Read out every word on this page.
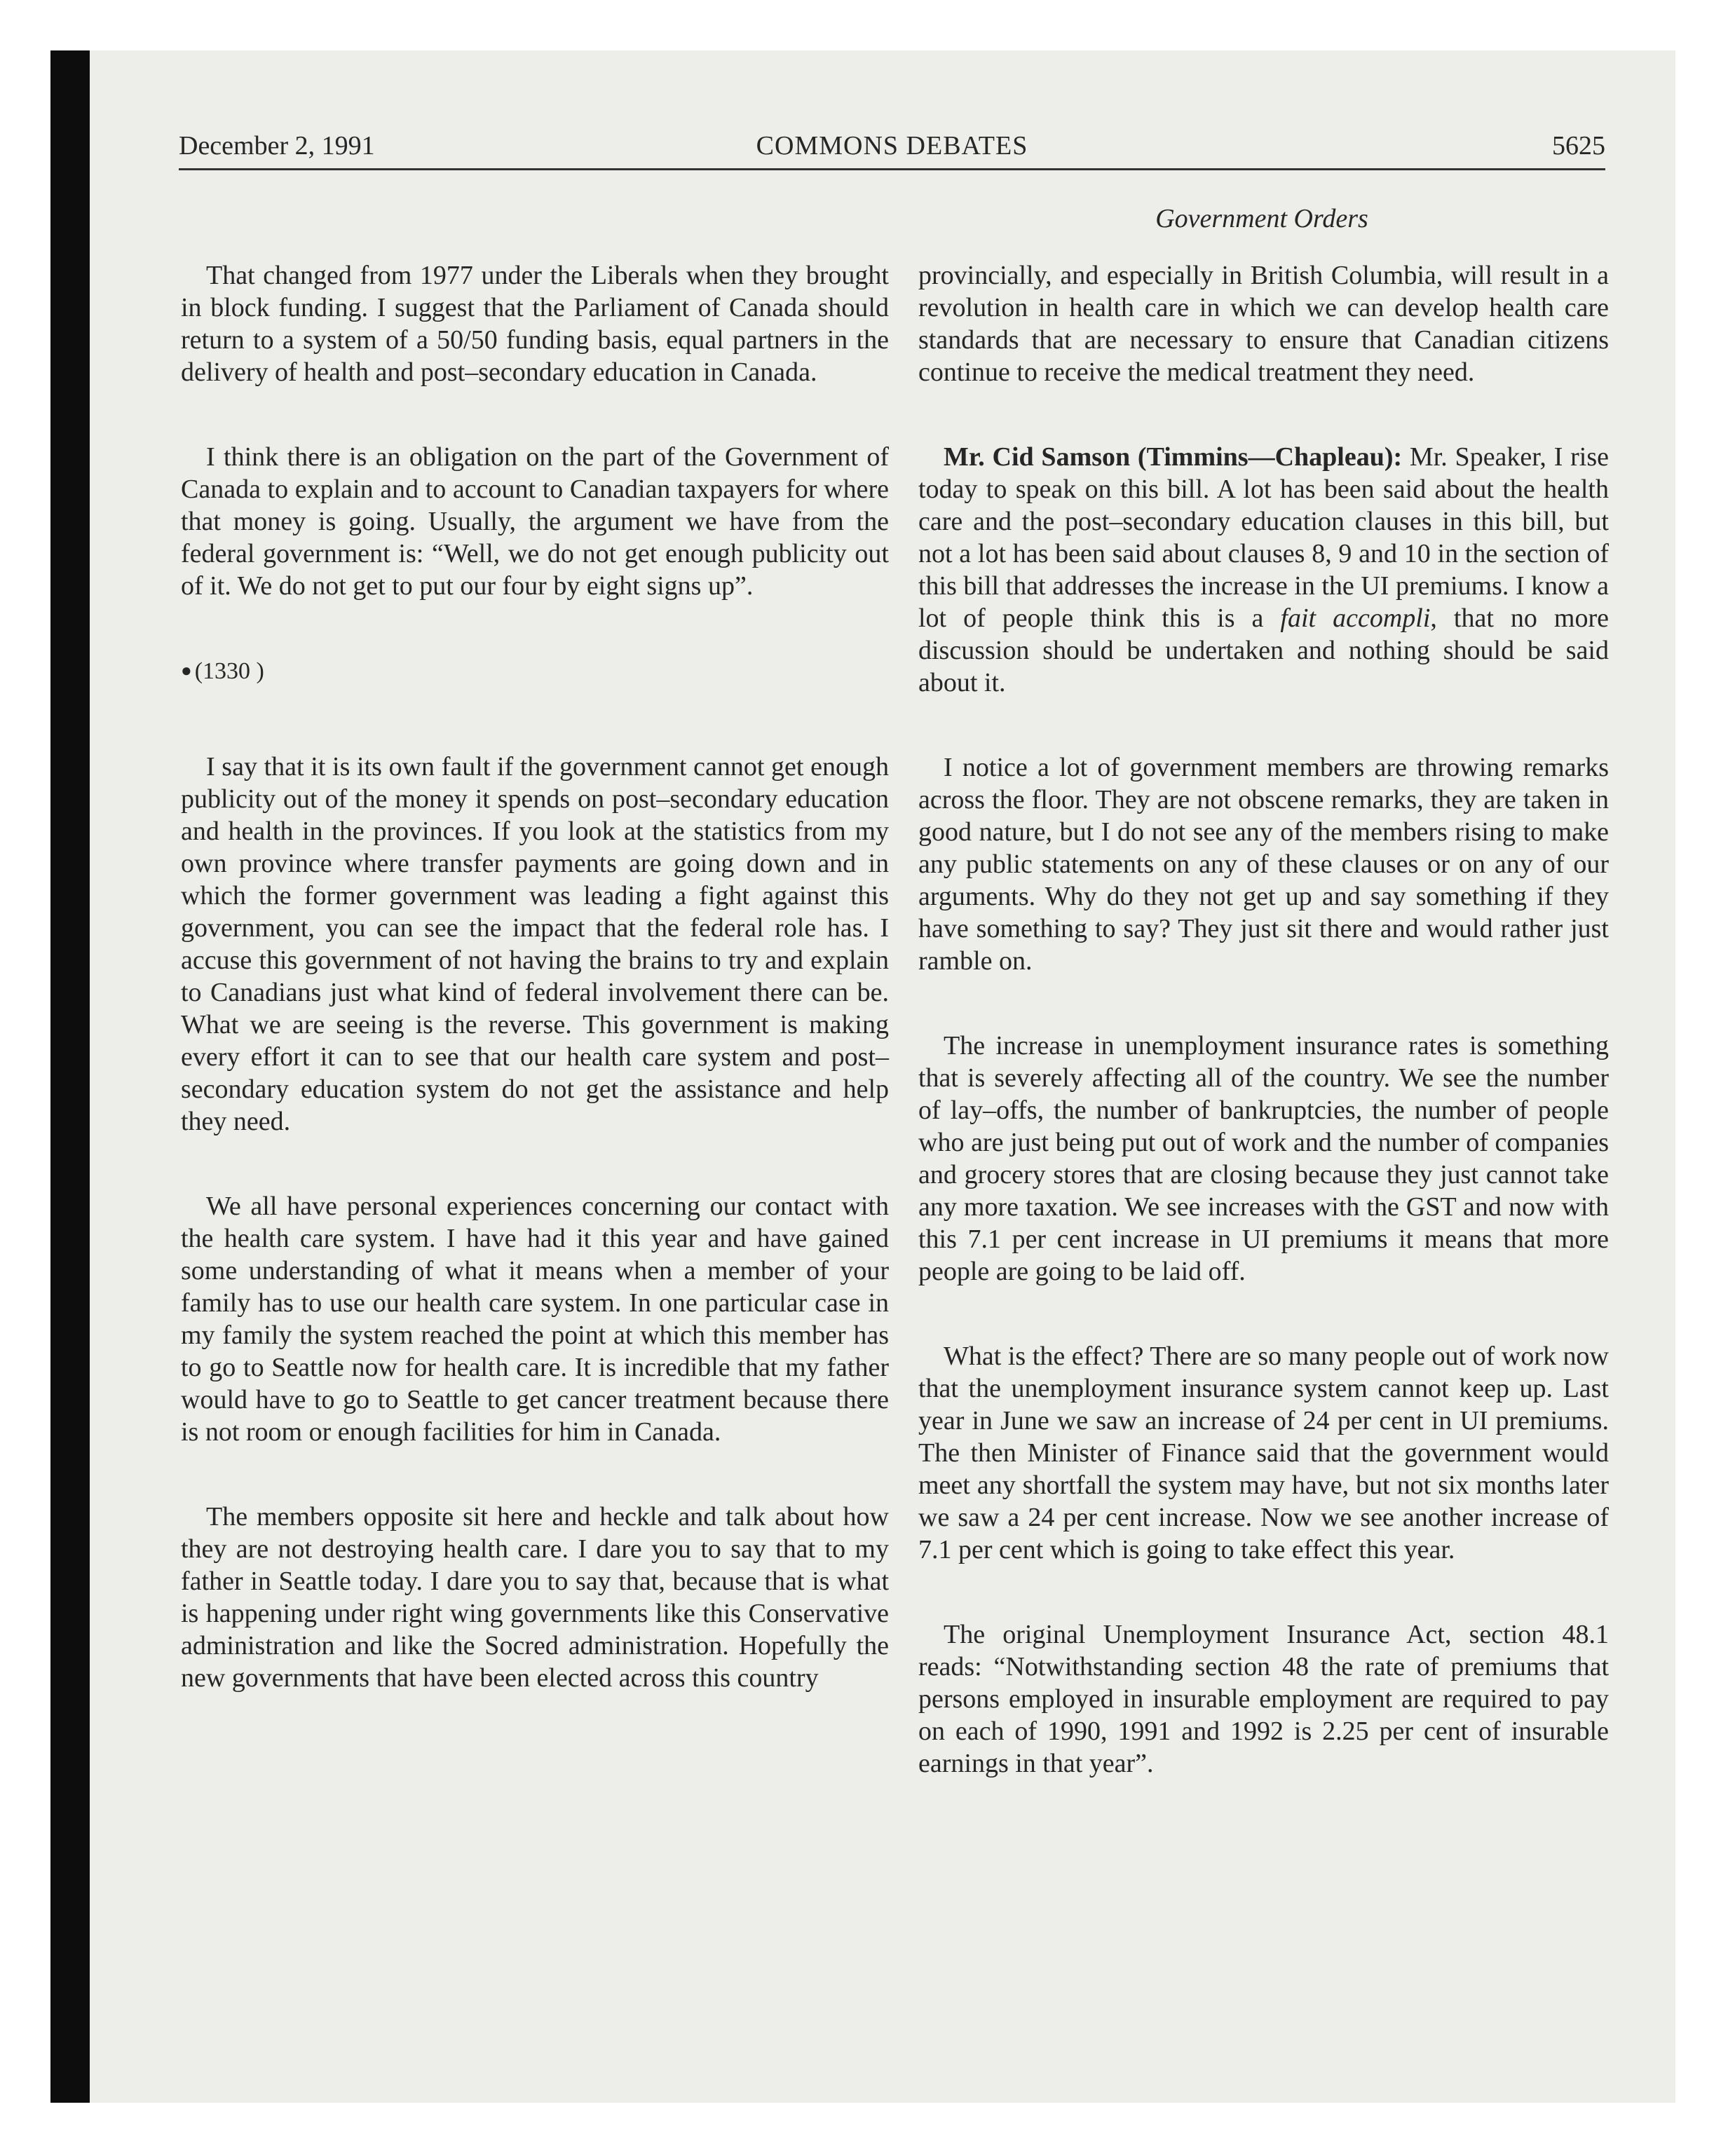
December 2, 1991	COMMONS DEBATES	5625
Government Orders

That changed from 1977 under the Liberals when they brought in block funding. I suggest that the Parliament of Canada should return to a system of a 50/50 funding basis, equal partners in the delivery of health and post–secondary education in Canada.

I think there is an obligation on the part of the Government of Canada to explain and to account to Canadian taxpayers for where that money is going. Usually, the argument we have from the federal government is: “Well, we do not get enough publicity out of it. We do not get to put our four by eight signs up”.

● (1330 )

I say that it is its own fault if the government cannot get enough publicity out of the money it spends on post–secondary education and health in the provinces. If you look at the statistics from my own province where transfer payments are going down and in which the former government was leading a fight against this government, you can see the impact that the federal role has. I accuse this government of not having the brains to try and explain to Canadians just what kind of federal involvement there can be. What we are seeing is the reverse. This government is making every effort it can to see that our health care system and post–secondary education system do not get the assistance and help they need.

We all have personal experiences concerning our contact with the health care system. I have had it this year and have gained some understanding of what it means when a member of your family has to use our health care system. In one particular case in my family the system reached the point at which this member has to go to Seattle now for health care. It is incredible that my father would have to go to Seattle to get cancer treatment because there is not room or enough facilities for him in Canada.

The members opposite sit here and heckle and talk about how they are not destroying health care. I dare you to say that to my father in Seattle today. I dare you to say that, because that is what is happening under right wing governments like this Conservative administration and like the Socred administration. Hopefully the new governments that have been elected across this country

provincially, and especially in British Columbia, will result in a revolution in health care in which we can develop health care standards that are necessary to ensure that Canadian citizens continue to receive the medical treatment they need.

Mr. Cid Samson (Timmins—Chapleau): Mr. Speaker, I rise today to speak on this bill. A lot has been said about the health care and the post–secondary education clauses in this bill, but not a lot has been said about clauses 8, 9 and 10 in the section of this bill that addresses the increase in the UI premiums. I know a lot of people think this is a fait accompli, that no more discussion should be undertaken and nothing should be said about it.

I notice a lot of government members are throwing remarks across the floor. They are not obscene remarks, they are taken in good nature, but I do not see any of the members rising to make any public statements on any of these clauses or on any of our arguments. Why do they not get up and say something if they have something to say? They just sit there and would rather just ramble on.

The increase in unemployment insurance rates is something that is severely affecting all of the country. We see the number of lay–offs, the number of bankruptcies, the number of people who are just being put out of work and the number of companies and grocery stores that are closing because they just cannot take any more taxation. We see increases with the GST and now with this 7.1 per cent increase in UI premiums it means that more people are going to be laid off.

What is the effect? There are so many people out of work now that the unemployment insurance system cannot keep up. Last year in June we saw an increase of 24 per cent in UI premiums. The then Minister of Finance said that the government would meet any shortfall the system may have, but not six months later we saw a 24 per cent increase. Now we see another increase of 7.1 per cent which is going to take effect this year.

The original Unemployment Insurance Act, section 48.1 reads: “Notwithstanding section 48 the rate of premiums that persons employed in insurable employment are required to pay on each of 1990, 1991 and 1992 is 2.25 per cent of insurable earnings in that year”.
